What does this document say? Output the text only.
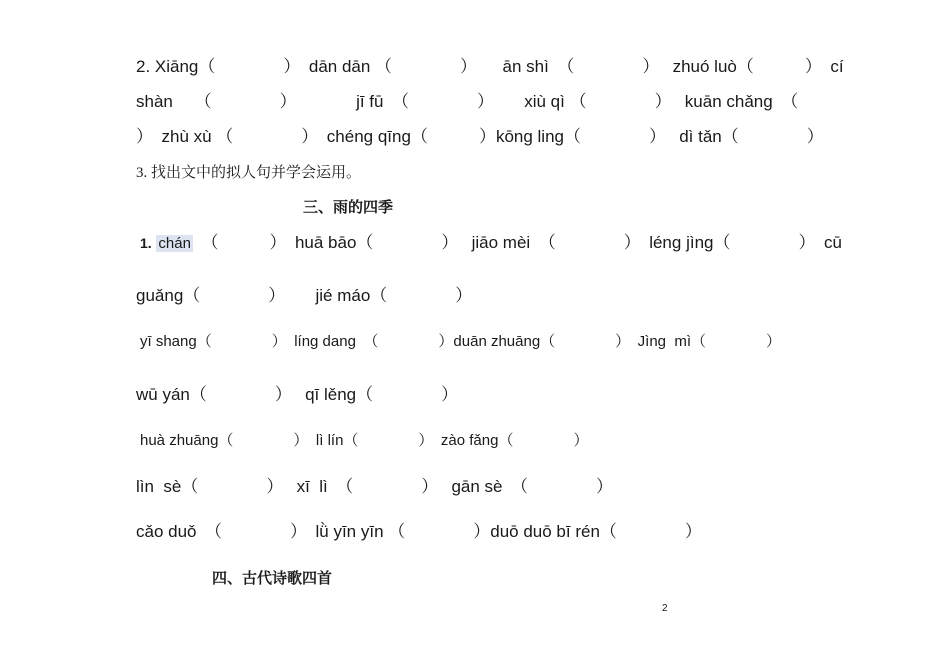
2. Xiāng（　　　　）　dān dān （　　　　）　　ān shì　（　　　　）　 zhuó luò（　　　）　cí
shàn　 （　　　　）　　　　jī fū　（　　　　）　　 xiù qì （　　　　）　 kuān chǎng　（
）　zhù xù （　　　　）　chéng qīng（　　　）kōng ling（　　　　）　 dì tǎn（　　　　）
3. 找出文中的拟人句并学会运用。
三、雨的四季
1. chán　（　　　）　huā bāo（　　　　）　 jiāo mèi　（　　　　）　léng jìng（　　　　）　cū
guǎng（　　　　）　　 jié máo（　　　　）
yī shang（　　　　）　líng dang　（　　　　）duān zhuāng（　　　　）　Jìng  mì（　　　　）
wū yán（　　　　）　 qī lěng（　　　　）
huà zhuāng（　　　　）　lì lín（　　　　）　zào fǎng（　　　　）
lìn  sè（　　　　）　 xī  lì　（　　　　）　 gān sè　（　　　　）
cǎo duǒ　（　　　　）　lǜ yīn yīn （　　　　）duō duō bī rén（　　　　）
四、古代诗歌四首
2
